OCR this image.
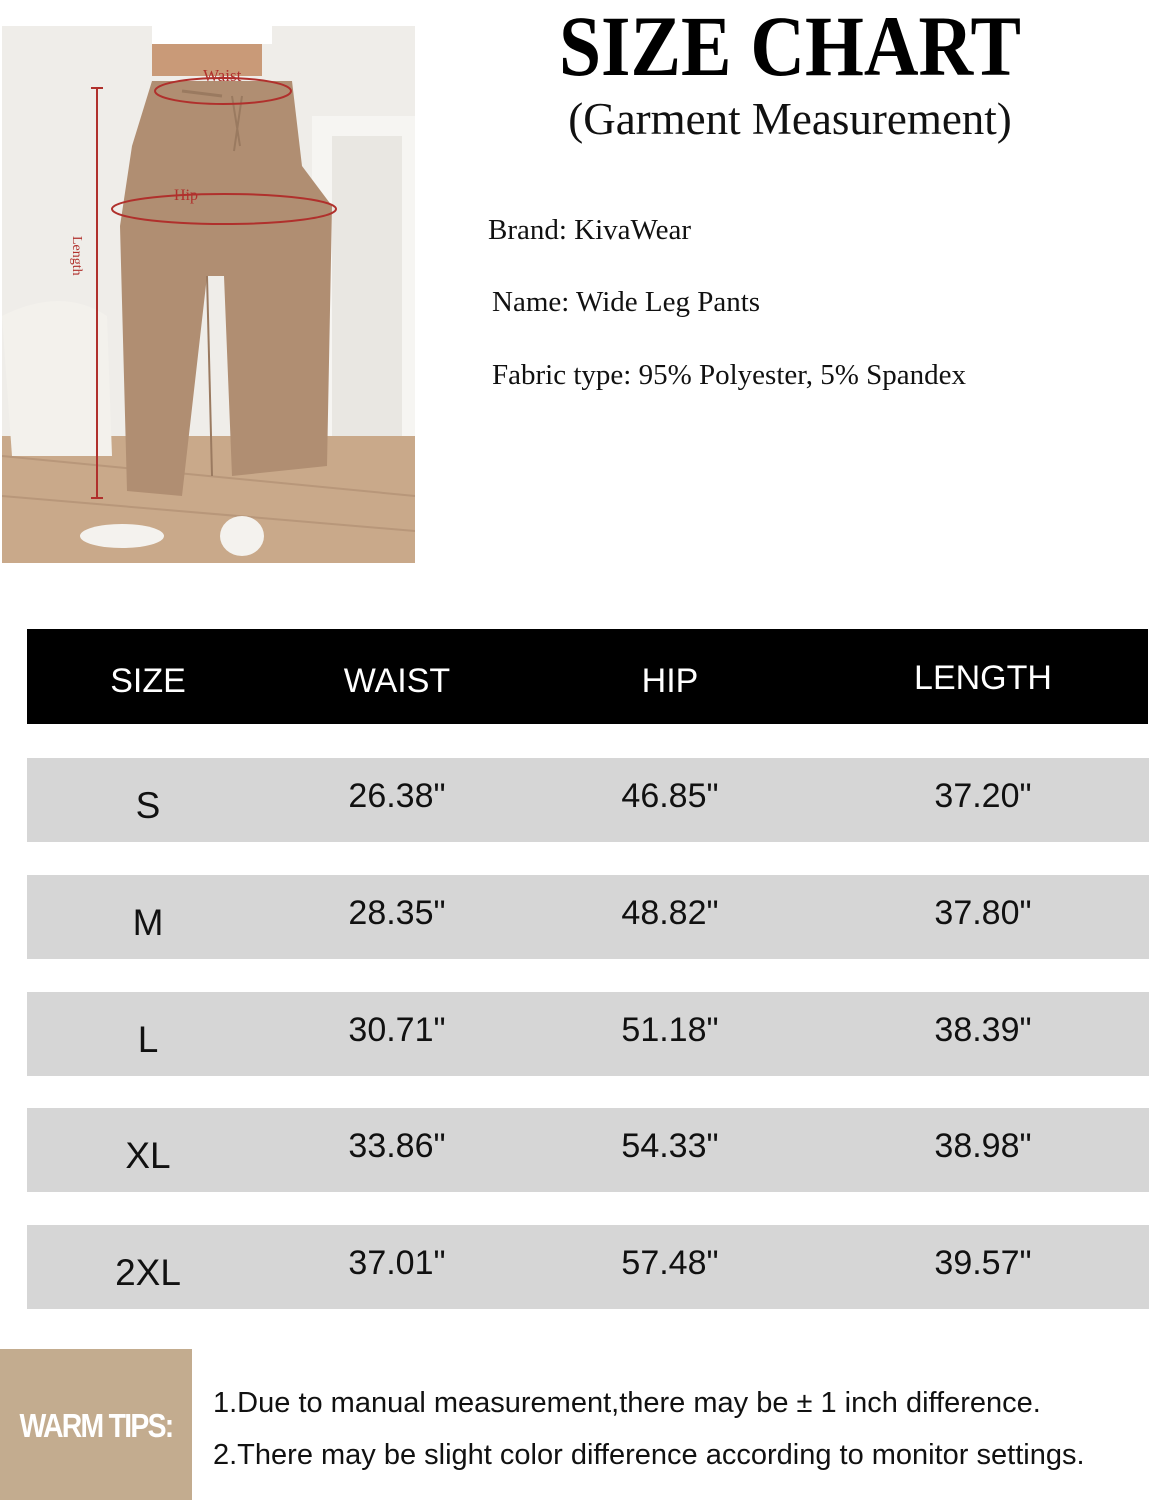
Waist
Hip
Length
SIZE CHART
(Garment Measurement)
Brand: KivaWear
Name: Wide Leg Pants
Fabric type: 95% Polyester, 5% Spandex
SIZE	WAIST	HIP	LENGTH
S	26.38"	46.85"	37.20"
M	28.35"	48.82"	37.80"
L	30.71"	51.18"	38.39"
XL	33.86"	54.33"	38.98"
2XL	37.01"	57.48"	39.57"
WARM TIPS:
1.Due to manual measurement,there may be ± 1 inch difference.
2.There may be slight color difference according to monitor settings.
